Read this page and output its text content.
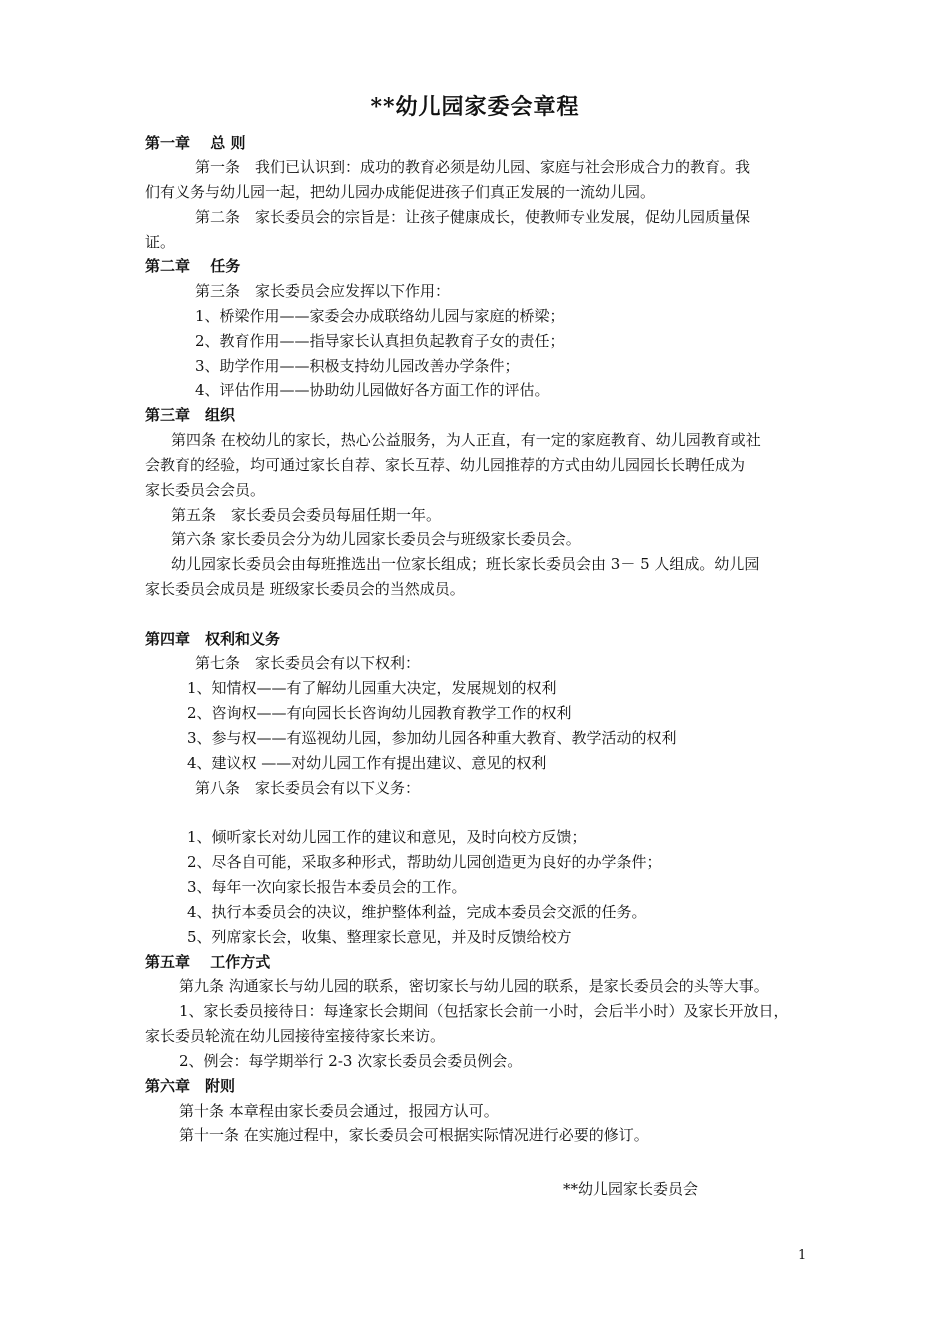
**幼儿园家委会章程
第一章　 总 则
第一条　我们已认识到：成功的教育必须是幼儿园、家庭与社会形成合力的教育。我
们有义务与幼儿园一起，把幼儿园办成能促进孩子们真正发展的一流幼儿园。
第二条　家长委员会的宗旨是：让孩子健康成长，使教师专业发展，促幼儿园质量保
证。
第二章　 任务
第三条　家长委员会应发挥以下作用：
1、桥梁作用——家委会办成联络幼儿园与家庭的桥梁；
2、教育作用——指导家长认真担负起教育子女的责任；
3、助学作用——积极支持幼儿园改善办学条件；
4、评估作用——协助幼儿园做好各方面工作的评估。
第三章　组织
第四条 在校幼儿的家长，热心公益服务，为人正直，有一定的家庭教育、幼儿园教育或社
会教育的经验，均可通过家长自荐、家长互荐、幼儿园推荐的方式由幼儿园园长长聘任成为
家长委员会会员。
第五条　家长委员会委员每届任期一年。
第六条 家长委员会分为幼儿园家长委员会与班级家长委员会。
幼儿园家长委员会由每班推选出一位家长组成；班长家长委员会由 3－ 5 人组成。幼儿园
家长委员会成员是 班级家长委员会的当然成员。
第四章　权利和义务
第七条　家长委员会有以下权利：
1、知情权——有了解幼儿园重大决定，发展规划的权利
2、咨询权——有向园长长咨询幼儿园教育教学工作的权利
3、参与权——有巡视幼儿园，参加幼儿园各种重大教育、教学活动的权利
4、建议权 ——对幼儿园工作有提出建议、意见的权利
第八条　家长委员会有以下义务：
1、倾听家长对幼儿园工作的建议和意见，及时向校方反馈；
2、尽各自可能，采取多种形式，帮助幼儿园创造更为良好的办学条件；
3、每年一次向家长报告本委员会的工作。
4、执行本委员会的决议，维护整体利益，完成本委员会交派的任务。
5、列席家长会，收集、整理家长意见，并及时反馈给校方
第五章　 工作方式
第九条 沟通家长与幼儿园的联系，密切家长与幼儿园的联系，是家长委员会的头等大事。
1、家长委员接待日：每逢家长会期间（包括家长会前一小时，会后半小时）及家长开放日，
家长委员轮流在幼儿园接待室接待家长来访。
2、例会：每学期举行 2-3 次家长委员会委员例会。
第六章　附则
第十条 本章程由家长委员会通过，报园方认可。
第十一条 在实施过程中，家长委员会可根据实际情况进行必要的修订。
**幼儿园家长委员会
1
